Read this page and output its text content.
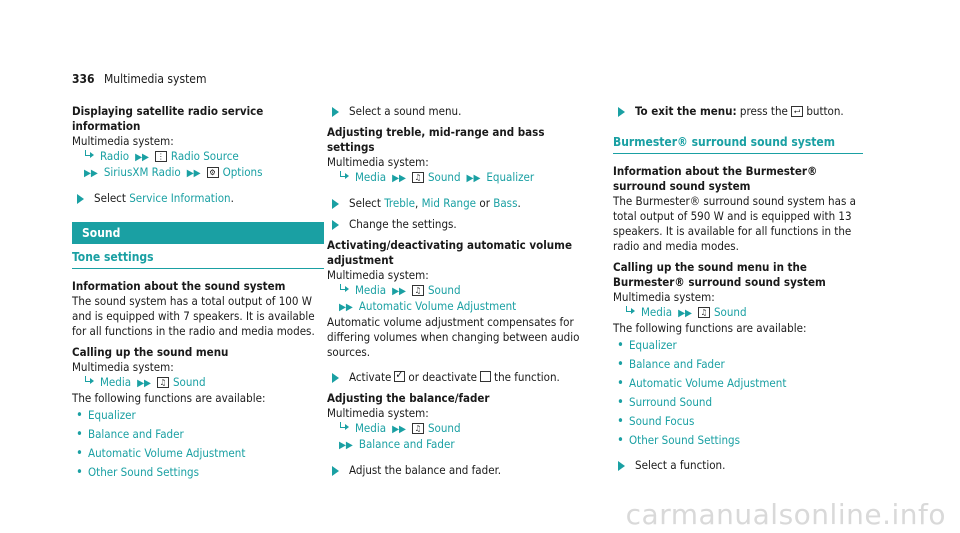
336 Multimedia system

Displaying satellite radio service information

Multimedia system:

Radio ▶▶ ⋮ Radio Source

▶▶ SiriusXM Radio ▶▶ ⚙ Options

Select Service Information.

Sound
Tone settings

Information about the sound system

The sound system has a total output of 100 W and is equipped with 7 speakers. It is available for all functions in the radio and media modes.

Calling up the sound menu

Multimedia system:

Media ▶▶ ♫ Sound

The following functions are available:

• Equalizer
• Balance and Fader
• Automatic Volume Adjustment
• Other Sound Settings

Select a sound menu.

Adjusting treble, mid-range and bass settings

Multimedia system:

Media ▶▶ ♫ Sound ▶▶ Equalizer

Select Treble, Mid Range or Bass.

Change the settings.

Activating/deactivating automatic volume adjustment

Multimedia system:

Media ▶▶ ♫ Sound

▶▶ Automatic Volume Adjustment

Automatic volume adjustment compensates for differing volumes when changing between audio sources.

Activate✓ or deactivate the function.

Adjusting the balance/fader

Multimedia system:

Media ▶▶ ♫ Sound

▶▶ Balance and Fader

Adjust the balance and fader.

To exit the menu: press the ⮠ button.

Burmester® surround sound system

Information about the Burmester® surround sound system

The Burmester® surround sound system has a total output of 590 W and is equipped with 13 speakers. It is available for all functions in the radio and media modes.

Calling up the sound menu in the Burmester® surround sound system

Multimedia system:

Media ▶▶ ♫ Sound

The following functions are available:

• Equalizer
• Balance and Fader
• Automatic Volume Adjustment
• Surround Sound
• Sound Focus
• Other Sound Settings

Select a function.

carmanualsonline.info
